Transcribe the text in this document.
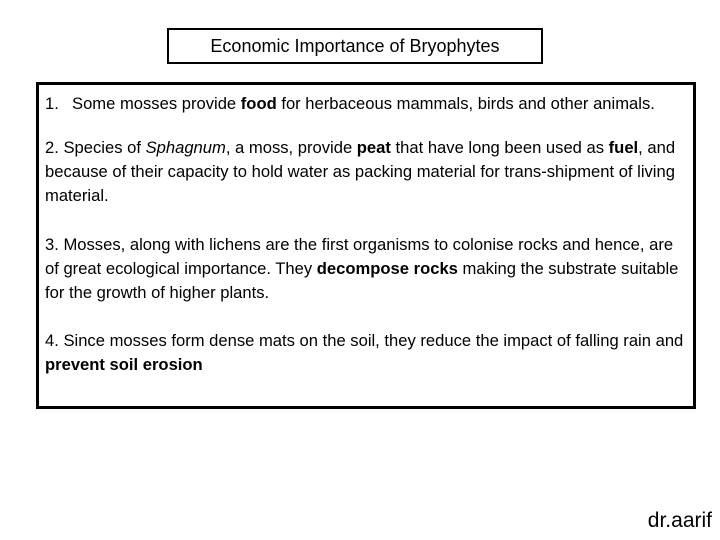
Economic Importance of Bryophytes

1. Some mosses provide food for herbaceous mammals, birds and other animals.

2. Species of Sphagnum, a moss, provide peat that have long been used as fuel, and because of their capacity to hold water as packing material for trans-shipment of living material.

3. Mosses, along with lichens are the first organisms to colonise rocks and hence, are of great ecological importance. They decompose rocks making the substrate suitable for the growth of higher plants.

4. Since mosses form dense mats on the soil, they reduce the impact of falling rain and prevent soil erosion

dr.aarif
